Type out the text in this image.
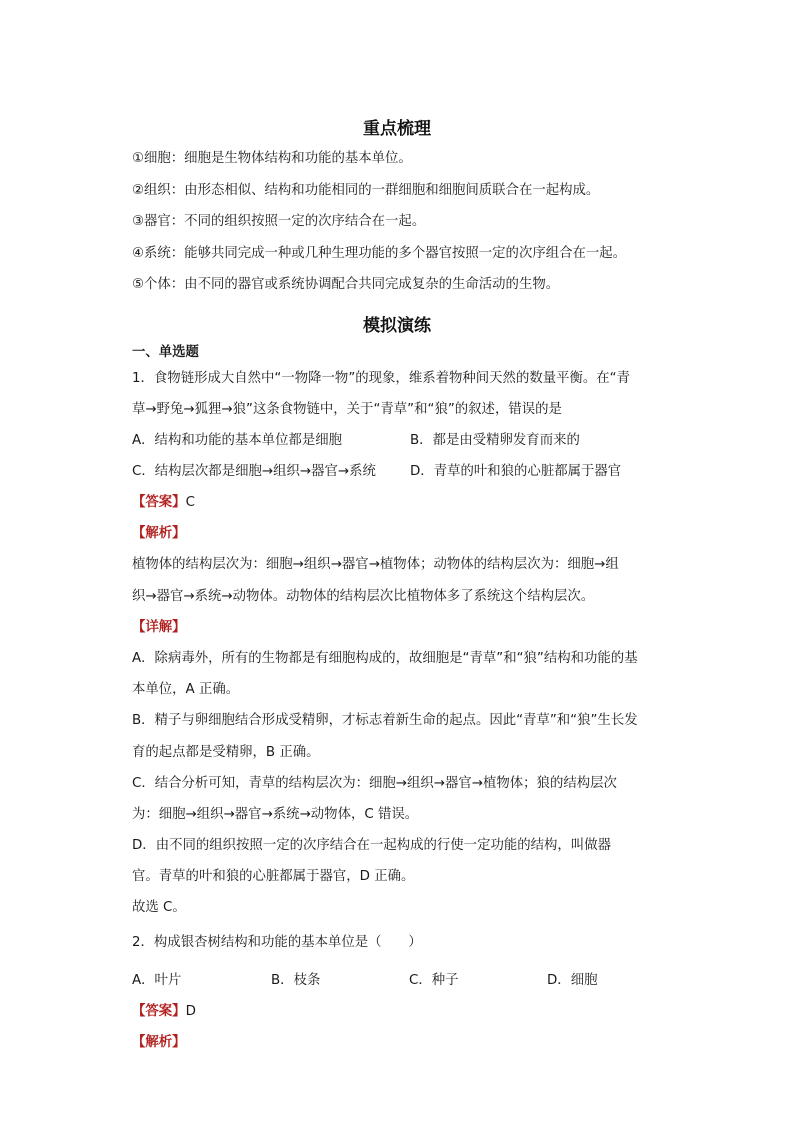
重点梳理
①细胞：细胞是生物体结构和功能的基本单位。
②组织：由形态相似、结构和功能相同的一群细胞和细胞间质联合在一起构成。
③器官：不同的组织按照一定的次序结合在一起。
④系统：能够共同完成一种或几种生理功能的多个器官按照一定的次序组合在一起。
⑤个体：由不同的器官或系统协调配合共同完成复杂的生命活动的生物。
模拟演练
一、单选题
1．食物链形成大自然中“一物降一物”的现象，维系着物种间天然的数量平衡。在“青
草→野兔→狐狸→狼”这条食物链中，关于“青草”和“狼”的叙述，错误的是
A．结构和功能的基本单位都是细胞	B．都是由受精卵发育而来的
C．结构层次都是细胞→组织→器官→系统	D．青草的叶和狼的心脏都属于器官
【答案】C
【解析】
植物体的结构层次为：细胞→组织→器官→植物体；动物体的结构层次为：细胞→组
织→器官→系统→动物体。动物体的结构层次比植物体多了系统这个结构层次。
【详解】
A．除病毒外，所有的生物都是有细胞构成的，故细胞是“青草”和“狼”结构和功能的基
本单位，A 正确。
B．精子与卵细胞结合形成受精卵，才标志着新生命的起点。因此“青草”和“狼”生长发
育的起点都是受精卵，B 正确。
C．结合分析可知，青草的结构层次为：细胞→组织→器官→植物体；狼的结构层次
为：细胞→组织→器官→系统→动物体，C 错误。
D．由不同的组织按照一定的次序结合在一起构成的行使一定功能的结构，叫做器
官。青草的叶和狼的心脏都属于器官，D 正确。
故选 C。
2．构成银杏树结构和功能的基本单位是（　　）
A．叶片	B．枝条	C．种子	D．细胞
【答案】D
【解析】
